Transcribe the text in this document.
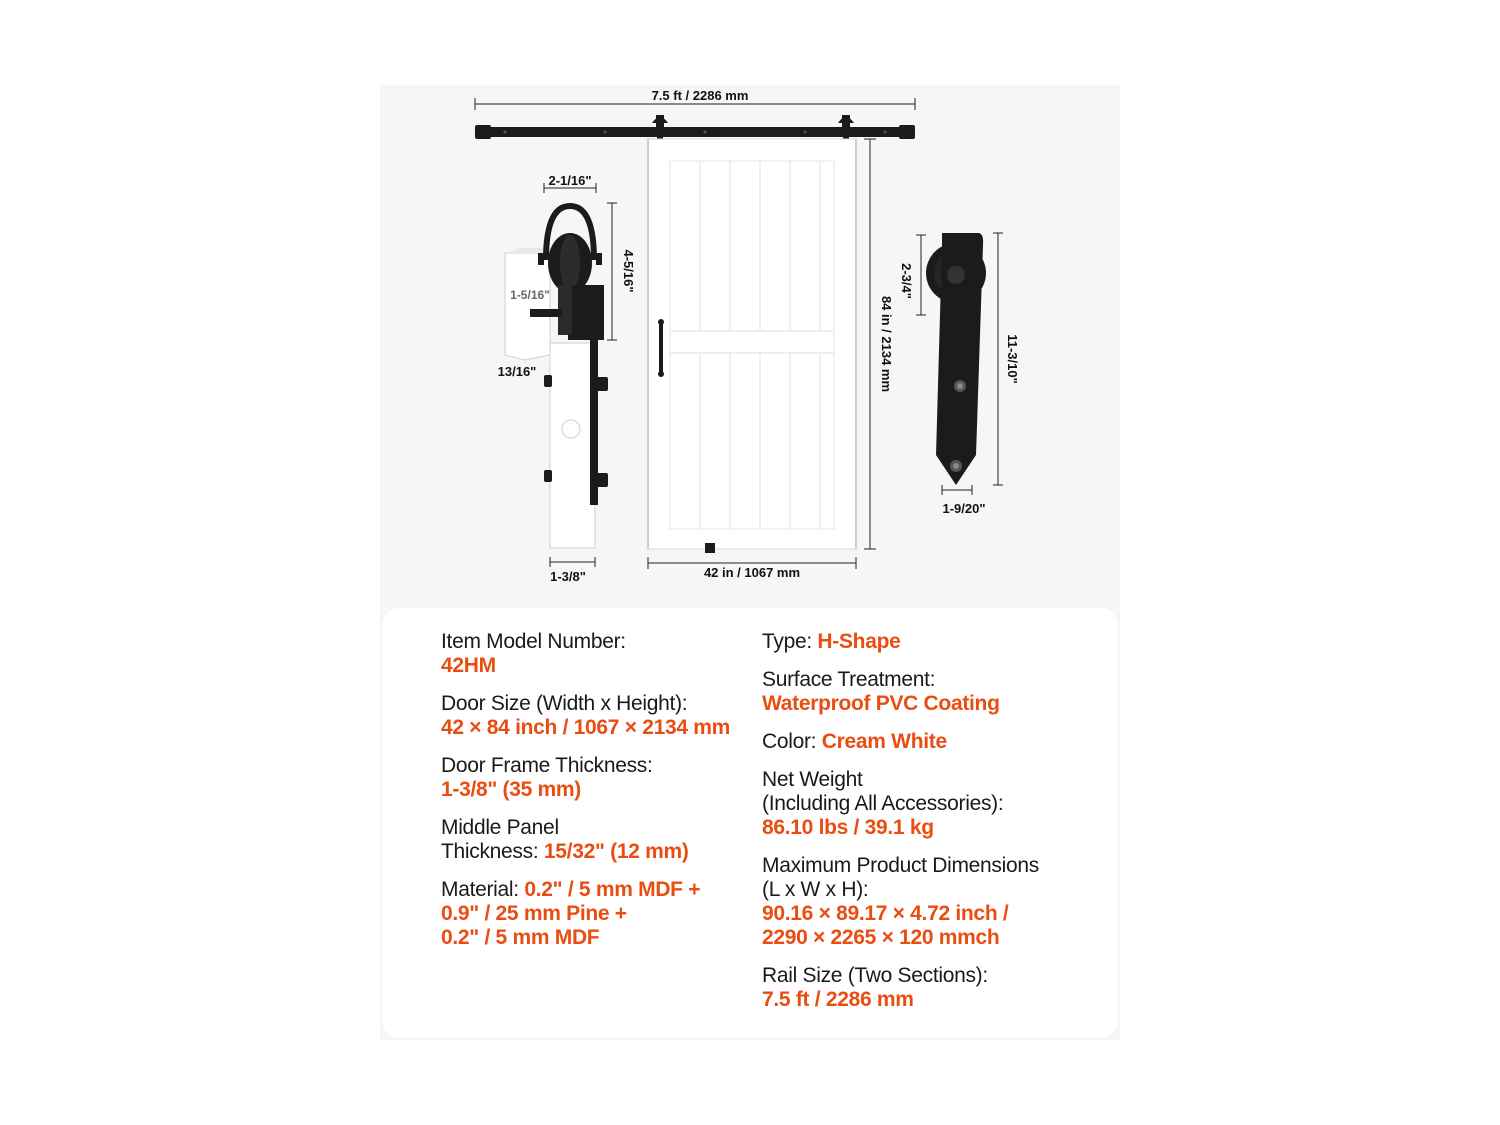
7.5 ft / 2286 mm
84 in / 2134 mm
42 in / 1067 mm
2-1/16"
4-5/16"
1-5/16"
13/16"
1-3/8"
2-3/4"
11-3/10"
1-9/20"
Item Model Number:
42HM
Door Size (Width x Height):
42 × 84 inch / 1067 × 2134 mm
Door Frame Thickness:
1-3/8" (35 mm)
Middle Panel
Thickness: 15/32" (12 mm)
Material: 0.2" / 5 mm MDF +
0.9" / 25 mm Pine +
0.2" / 5 mm MDF
Type: H-Shape
Surface Treatment:
Waterproof PVC Coating
Color: Cream White
Net Weight
(Including All Accessories):
86.10 lbs / 39.1 kg
Maximum Product Dimensions
(L x W x H):
90.16 × 89.17 × 4.72 inch /
2290 × 2265 × 120 mmch
Rail Size (Two Sections):
7.5 ft / 2286 mm
